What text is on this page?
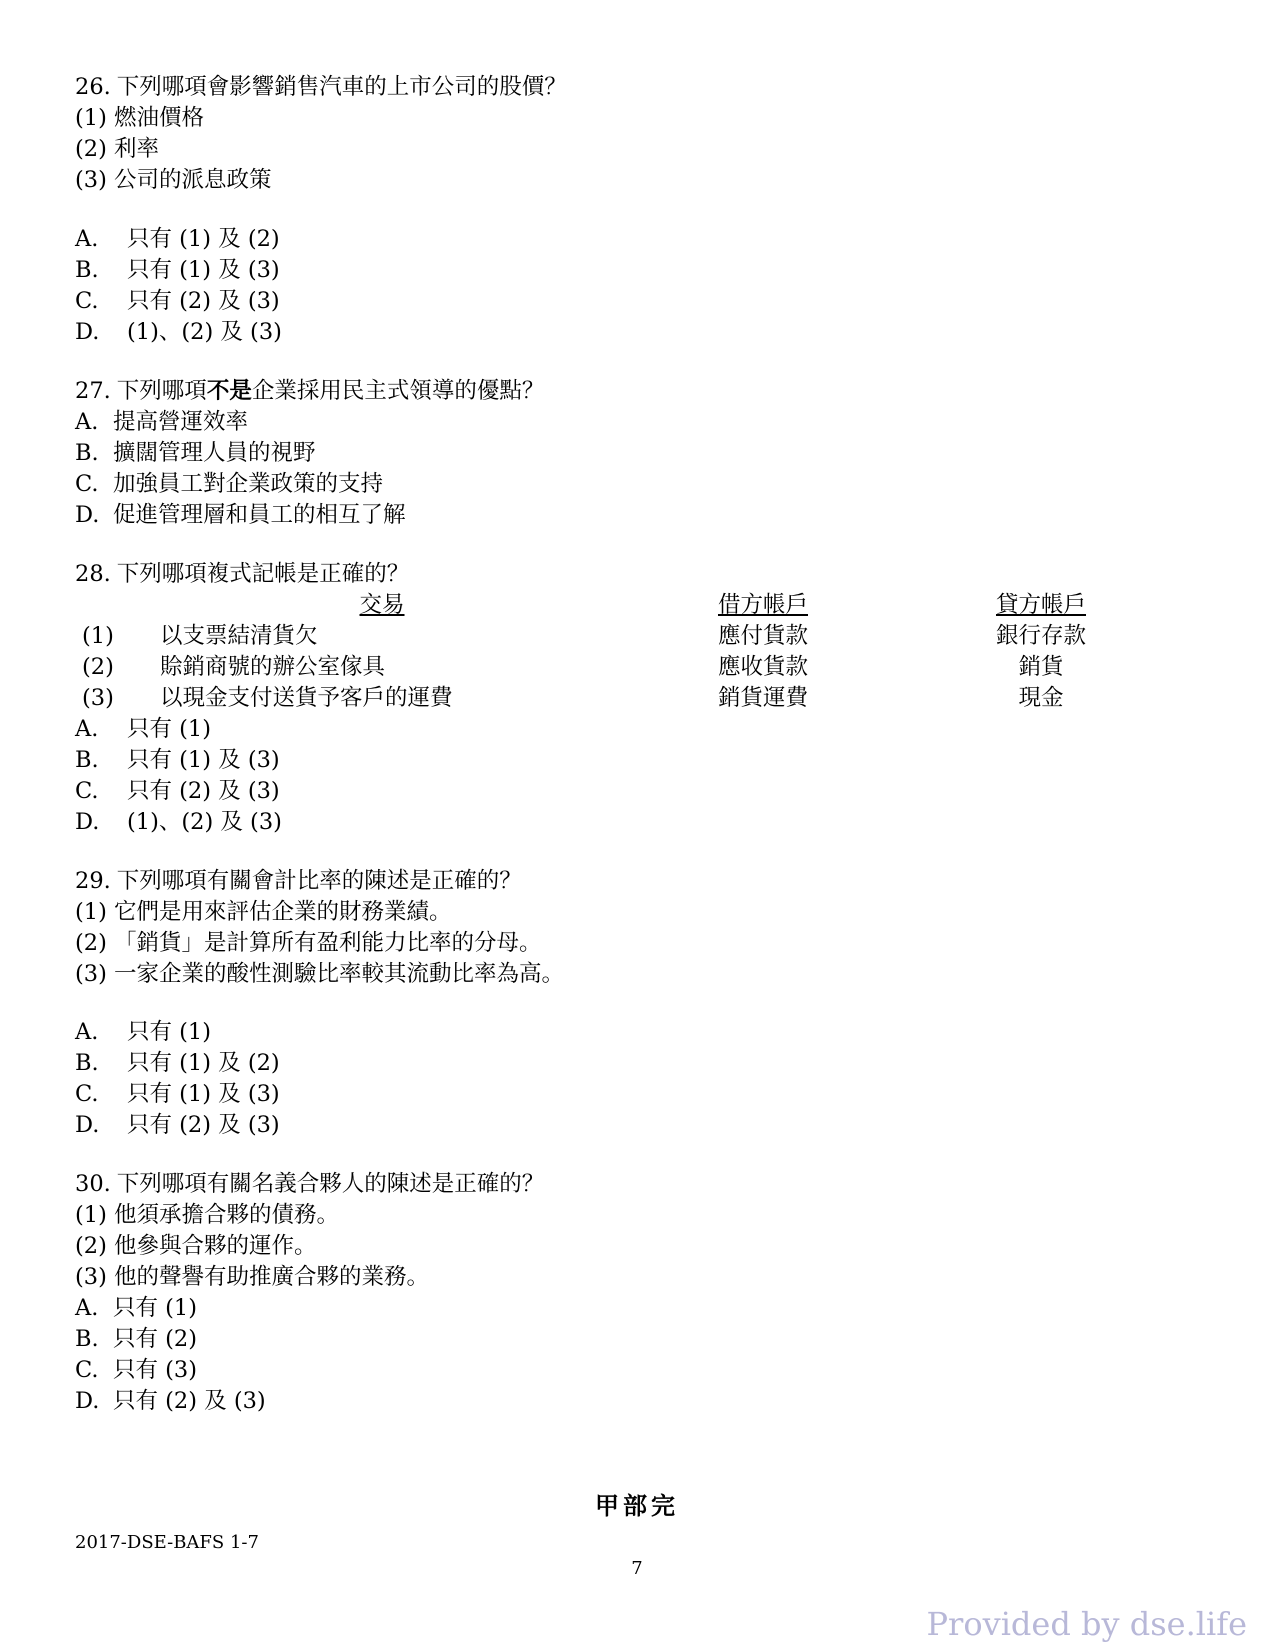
26. 下列哪項會影響銷售汽車的上市公司的股價？
(1) 燃油價格
(2) 利率
(3) 公司的派息政策
A. 只有 (1) 及 (2)
B. 只有 (1) 及 (3)
C. 只有 (2) 及 (3)
D. (1)、(2) 及 (3)
27. 下列哪項不是企業採用民主式領導的優點？
A. 提高營運效率
B. 擴闊管理人員的視野
C. 加強員工對企業政策的支持
D. 促進管理層和員工的相互了解
28. 下列哪項複式記帳是正確的？
交易	借方帳戶	貸方帳戶
(1) 以支票結清貨欠	應付貨款	銀行存款
(2) 賒銷商號的辦公室傢具	應收貨款	銷貨
(3) 以現金支付送貨予客戶的運費	銷貨運費	現金
A. 只有 (1)
B. 只有 (1) 及 (3)
C. 只有 (2) 及 (3)
D. (1)、(2) 及 (3)
29. 下列哪項有關會計比率的陳述是正確的？
(1) 它們是用來評估企業的財務業績。
(2) 「銷貨」是計算所有盈利能力比率的分母。
(3) 一家企業的酸性測驗比率較其流動比率為高。
A. 只有 (1)
B. 只有 (1) 及 (2)
C. 只有 (1) 及 (3)
D. 只有 (2) 及 (3)
30. 下列哪項有關名義合夥人的陳述是正確的？
(1) 他須承擔合夥的債務。
(2) 他參與合夥的運作。
(3) 他的聲譽有助推廣合夥的業務。
A. 只有 (1)
B. 只有 (2)
C. 只有 (3)
D. 只有 (2) 及 (3)
甲部完
2017-DSE-BAFS 1-7
7
Provided by dse.life
